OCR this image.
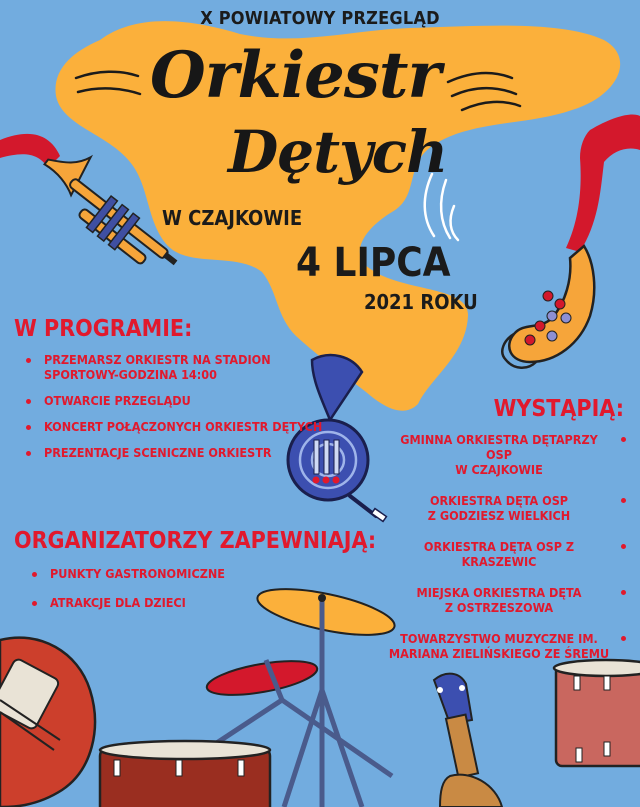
X POWIATOWY PRZEGLĄD

Orkiestr

Dętych

W CZAJKOWIE

4 LIPCA

2021 ROKU

W PROGRAMIE:

PRZEMARSZ ORKIESTR NA STADION
SPORTOWY-GODZINA 14:00
OTWARCIE PRZEGLĄDU
KONCERT POŁĄCZONYCH ORKIESTR DĘTYCH
PREZENTACJE SCENICZNE ORKIESTR

ORGANIZATORZY ZAPEWNIAJĄ:

PUNKTY GASTRONOMICZNE
ATRAKCJE DLA DZIECI

WYSTĄPIĄ:

GMINNA ORKIESTRA DĘTAPRZY OSP
W CZAJKOWIE
ORKIESTRA DĘTA OSP
Z GODZIESZ WIELKICH
ORKIESTRA DĘTA OSP Z KRASZEWIC
MIEJSKA ORKIESTRA DĘTA
Z OSTRZESZOWA
TOWARZYSTWO MUZYCZNE IM.
MARIANA ZIELIŃSKIEGO ZE ŚREMU
